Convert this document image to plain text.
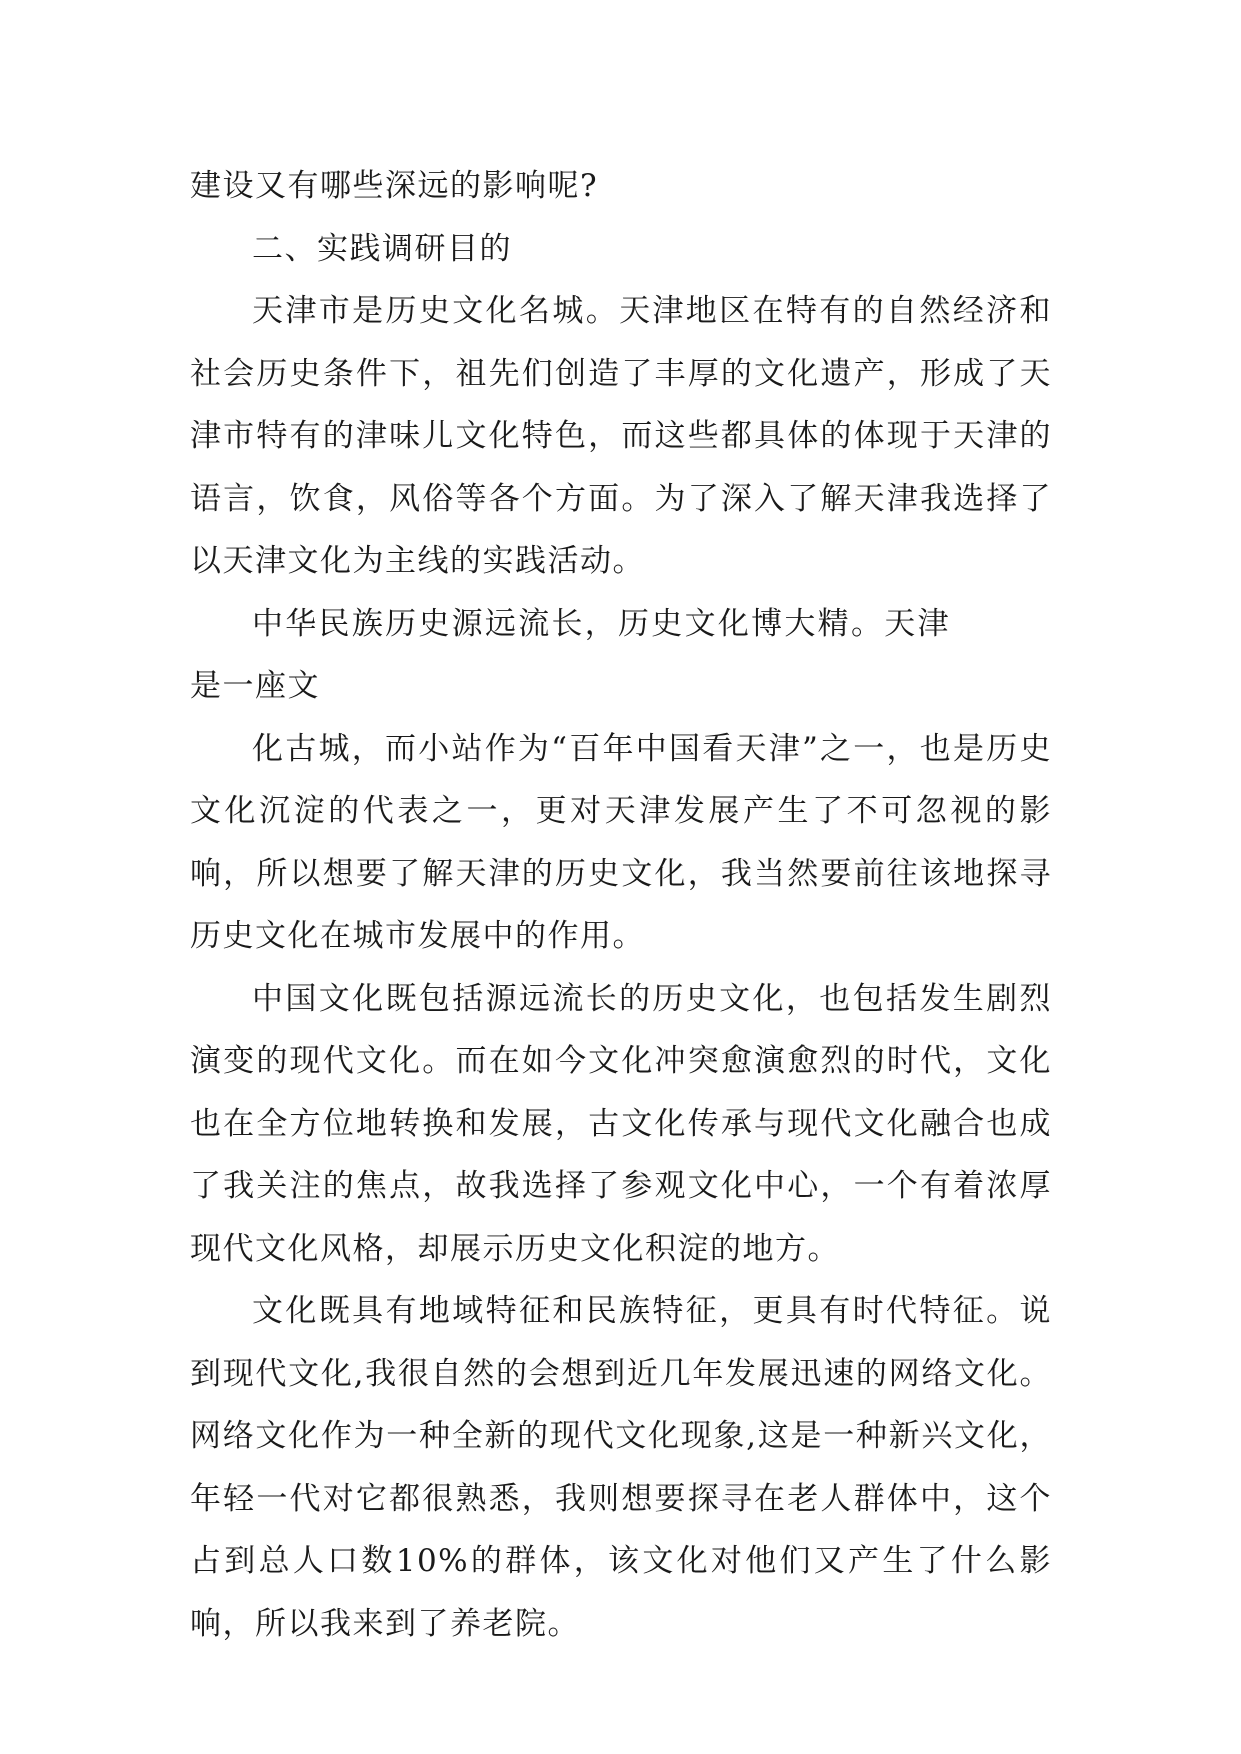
建设又有哪些深远的影响呢?

二、实践调研目的

天津市是历史文化名城。天津地区在特有的自然经济和社会历史条件下，祖先们创造了丰厚的文化遗产，形成了天津市特有的津味儿文化特色，而这些都具体的体现于天津的语言，饮食，风俗等各个方面。为了深入了解天津我选择了以天津文化为主线的实践活动。

中华民族历史源远流长，历史文化博大精。天津是一座文

化古城，而小站作为“百年中国看天津”之一，也是历史文化沉淀的代表之一，更对天津发展产生了不可忽视的影响，所以想要了解天津的历史文化，我当然要前往该地探寻历史文化在城市发展中的作用。

中国文化既包括源远流长的历史文化，也包括发生剧烈演变的现代文化。而在如今文化冲突愈演愈烈的时代，文化也在全方位地转换和发展，古文化传承与现代文化融合也成了我关注的焦点，故我选择了参观文化中心，一个有着浓厚现代文化风格，却展示历史文化积淀的地方。

文化既具有地域特征和民族特征，更具有时代特征。说到现代文化,我很自然的会想到近几年发展迅速的网络文化。网络文化作为一种全新的现代文化现象,这是一种新兴文化，年轻一代对它都很熟悉，我则想要探寻在老人群体中，这个占到总人口数10%的群体，该文化对他们又产生了什么影响，所以我来到了养老院。
